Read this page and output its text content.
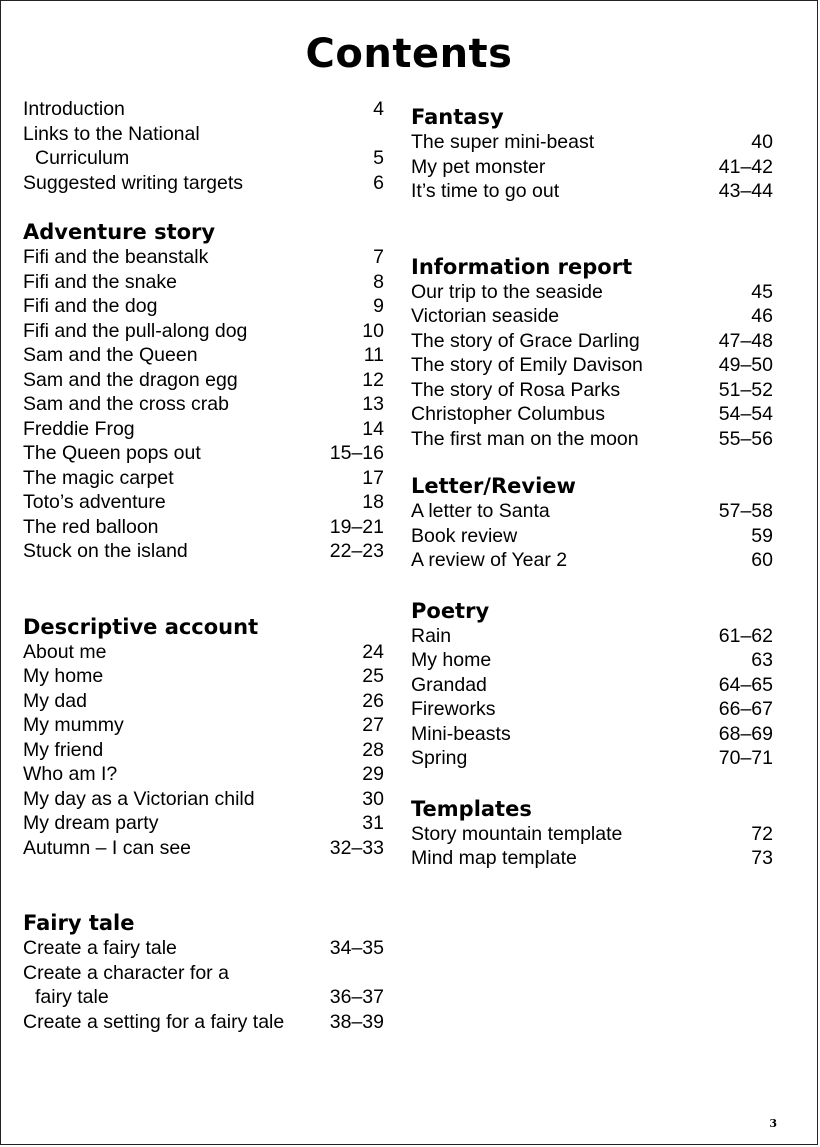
Contents
Introduction	4
Links to the National
Curriculum	5
Suggested writing targets	6
Adventure story
Fifi and the beanstalk	7
Fifi and the snake	8
Fifi and the dog	9
Fifi and the pull-along dog	10
Sam and the Queen	11
Sam and the dragon egg	12
Sam and the cross crab	13
Freddie Frog	14
The Queen pops out	15–16
The magic carpet	17
Toto’s adventure	18
The red balloon	19–21
Stuck on the island	22–23
Descriptive account
About me	24
My home	25
My dad	26
My mummy	27
My friend	28
Who am I?	29
My day as a Victorian child	30
My dream party	31
Autumn – I can see	32–33
Fairy tale
Create a fairy tale	34–35
Create a character for a
fairy tale	36–37
Create a setting for a fairy tale 38–39
Fantasy
The super mini-beast	40
My pet monster	41–42
It’s time to go out	43–44
Information report
Our trip to the seaside	45
Victorian seaside	46
The story of Grace Darling	47–48
The story of Emily Davison	49–50
The story of Rosa Parks	51–52
Christopher Columbus	54–54
The first man on the moon	55–56
Letter/Review
A letter to Santa	57–58
Book review	59
A review of Year 2	60
Poetry
Rain	61–62
My home	63
Grandad	64–65
Fireworks	66–67
Mini-beasts	68–69
Spring	70–71
Templates
Story mountain template	72
Mind map template	73
3
